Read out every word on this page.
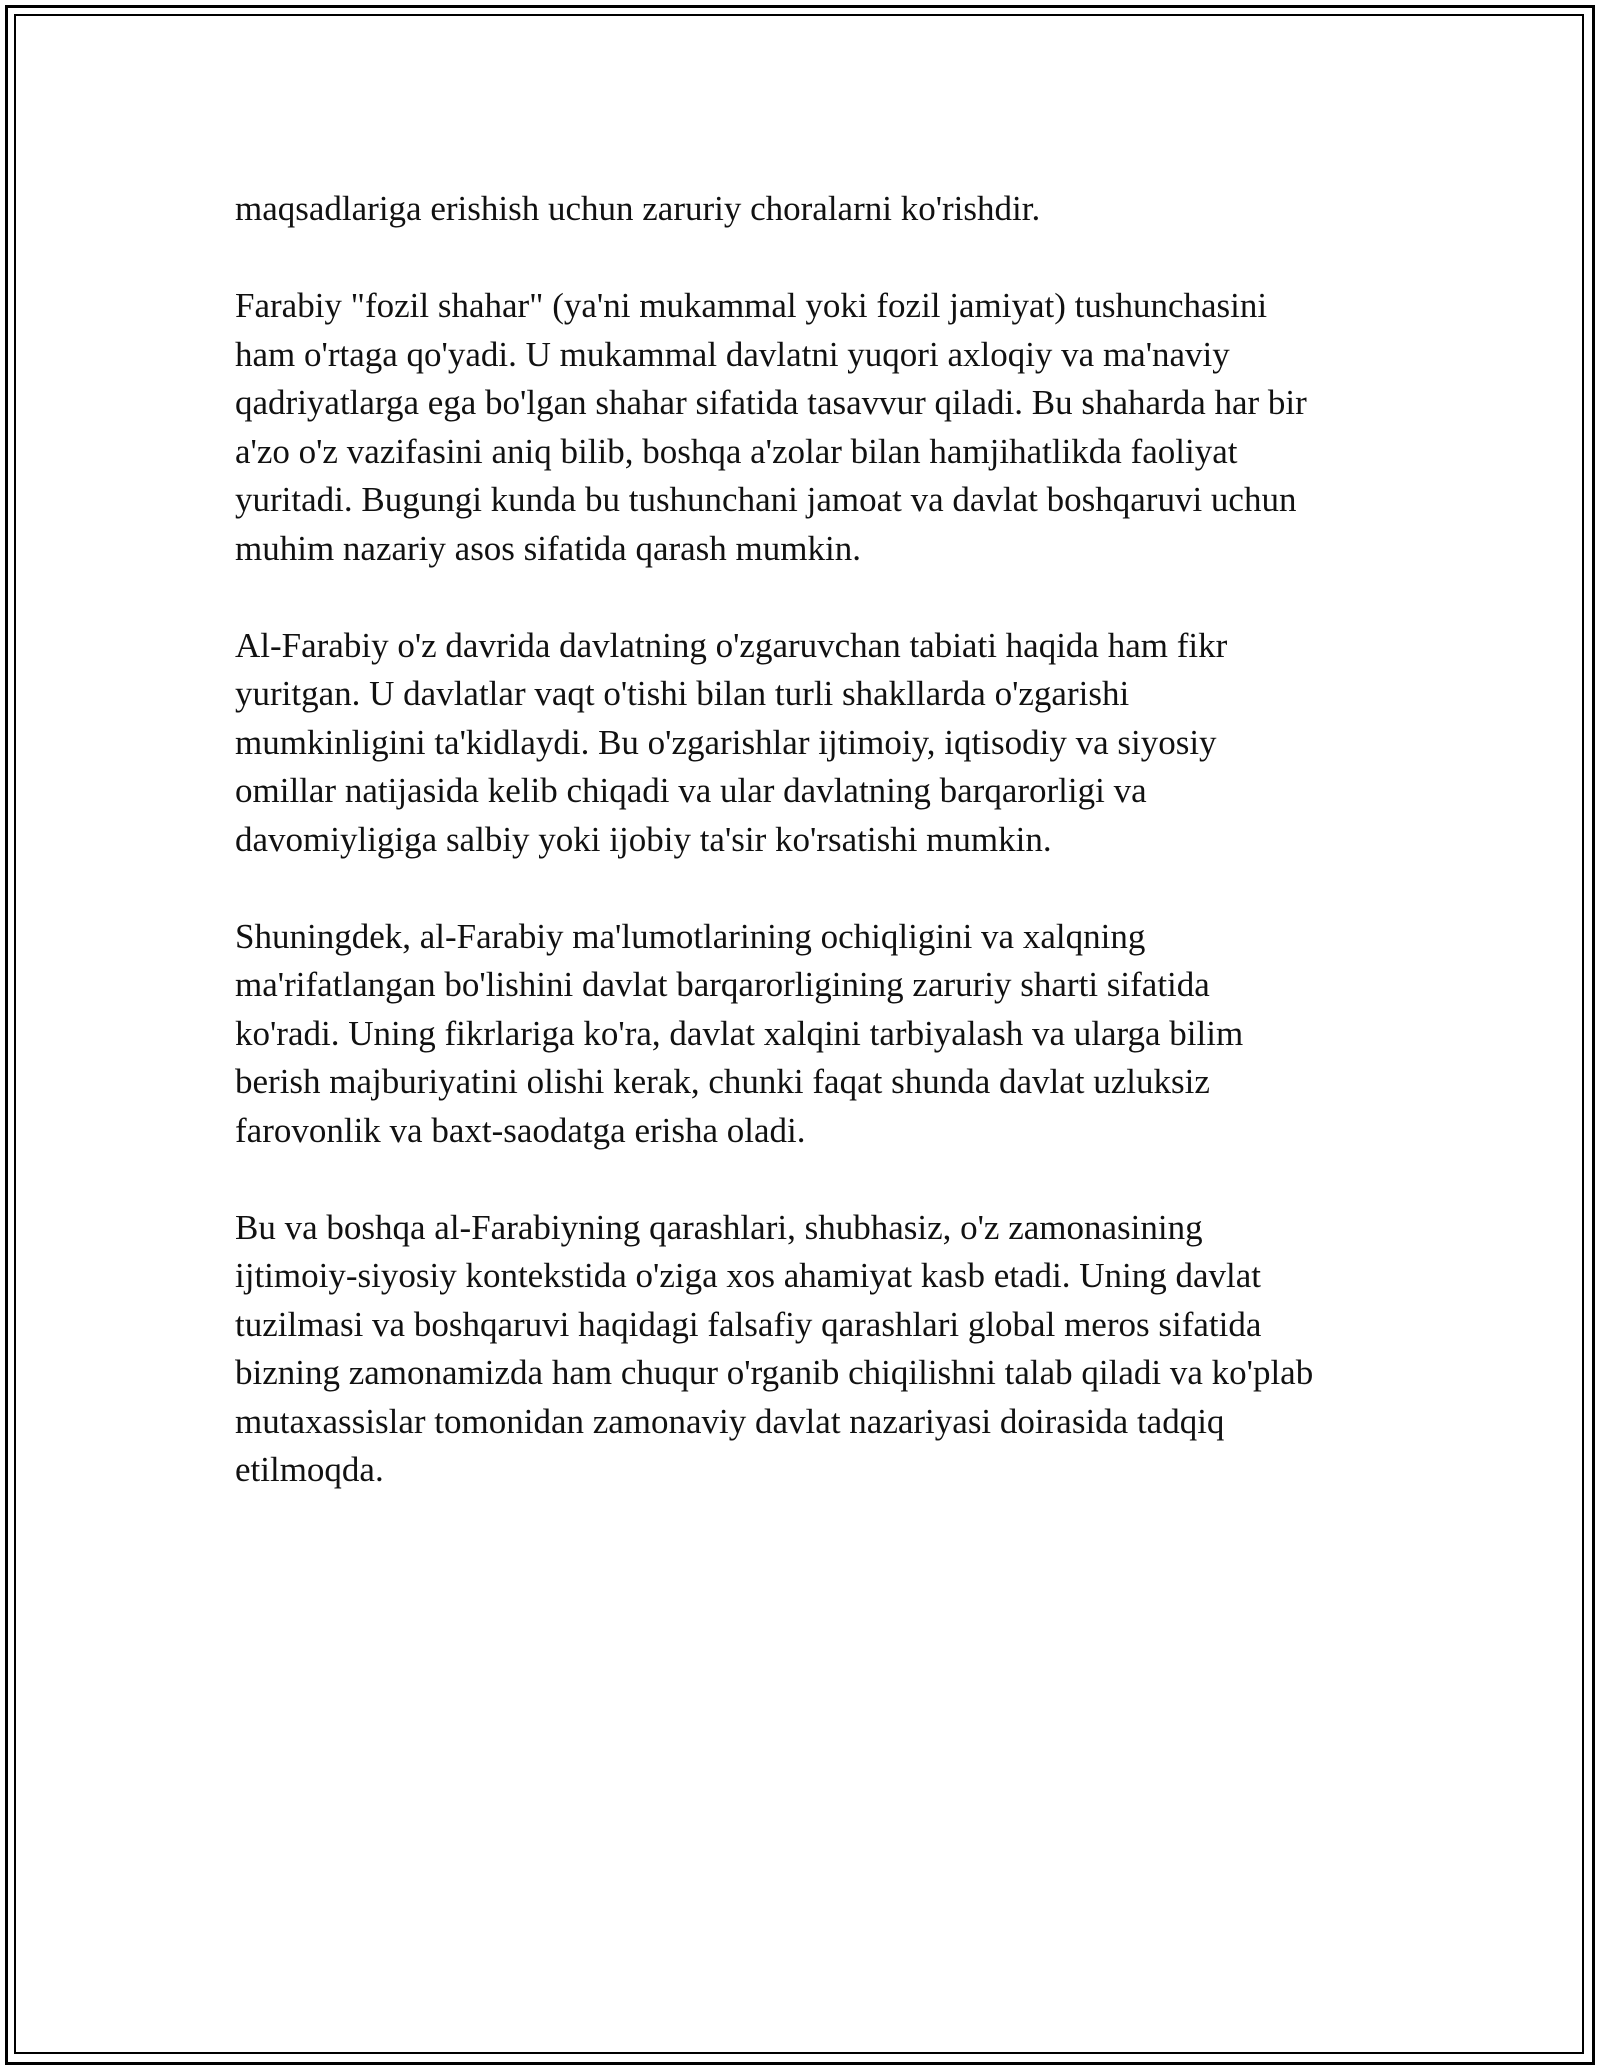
maqsadlariga erishish uchun zaruriy choralarni ko'rishdir.

Farabiy "fozil shahar" (ya'ni mukammal yoki fozil jamiyat) tushunchasini
ham o'rtaga qo'yadi. U mukammal davlatni yuqori axloqiy va ma'naviy
qadriyatlarga ega bo'lgan shahar sifatida tasavvur qiladi. Bu shaharda har bir
a'zo o'z vazifasini aniq bilib, boshqa a'zolar bilan hamjihatlikda faoliyat
yuritadi. Bugungi kunda bu tushunchani jamoat va davlat boshqaruvi uchun
muhim nazariy asos sifatida qarash mumkin.

Al-Farabiy o'z davrida davlatning o'zgaruvchan tabiati haqida ham fikr
yuritgan. U davlatlar vaqt o'tishi bilan turli shakllarda o'zgarishi
mumkinligini ta'kidlaydi. Bu o'zgarishlar ijtimoiy, iqtisodiy va siyosiy
omillar natijasida kelib chiqadi va ular davlatning barqarorligi va
davomiyligiga salbiy yoki ijobiy ta'sir ko'rsatishi mumkin.

Shuningdek, al-Farabiy ma'lumotlarining ochiqligini va xalqning
ma'rifatlangan bo'lishini davlat barqarorligining zaruriy sharti sifatida
ko'radi. Uning fikrlariga ko'ra, davlat xalqini tarbiyalash va ularga bilim
berish majburiyatini olishi kerak, chunki faqat shunda davlat uzluksiz
farovonlik va baxt-saodatga erisha oladi.

Bu va boshqa al-Farabiyning qarashlari, shubhasiz, o'z zamonasining
ijtimoiy-siyosiy kontekstida o'ziga xos ahamiyat kasb etadi. Uning davlat
tuzilmasi va boshqaruvi haqidagi falsafiy qarashlari global meros sifatida
bizning zamonamizda ham chuqur o'rganib chiqilishni talab qiladi va ko'plab
mutaxassislar tomonidan zamonaviy davlat nazariyasi doirasida tadqiq
etilmoqda.
